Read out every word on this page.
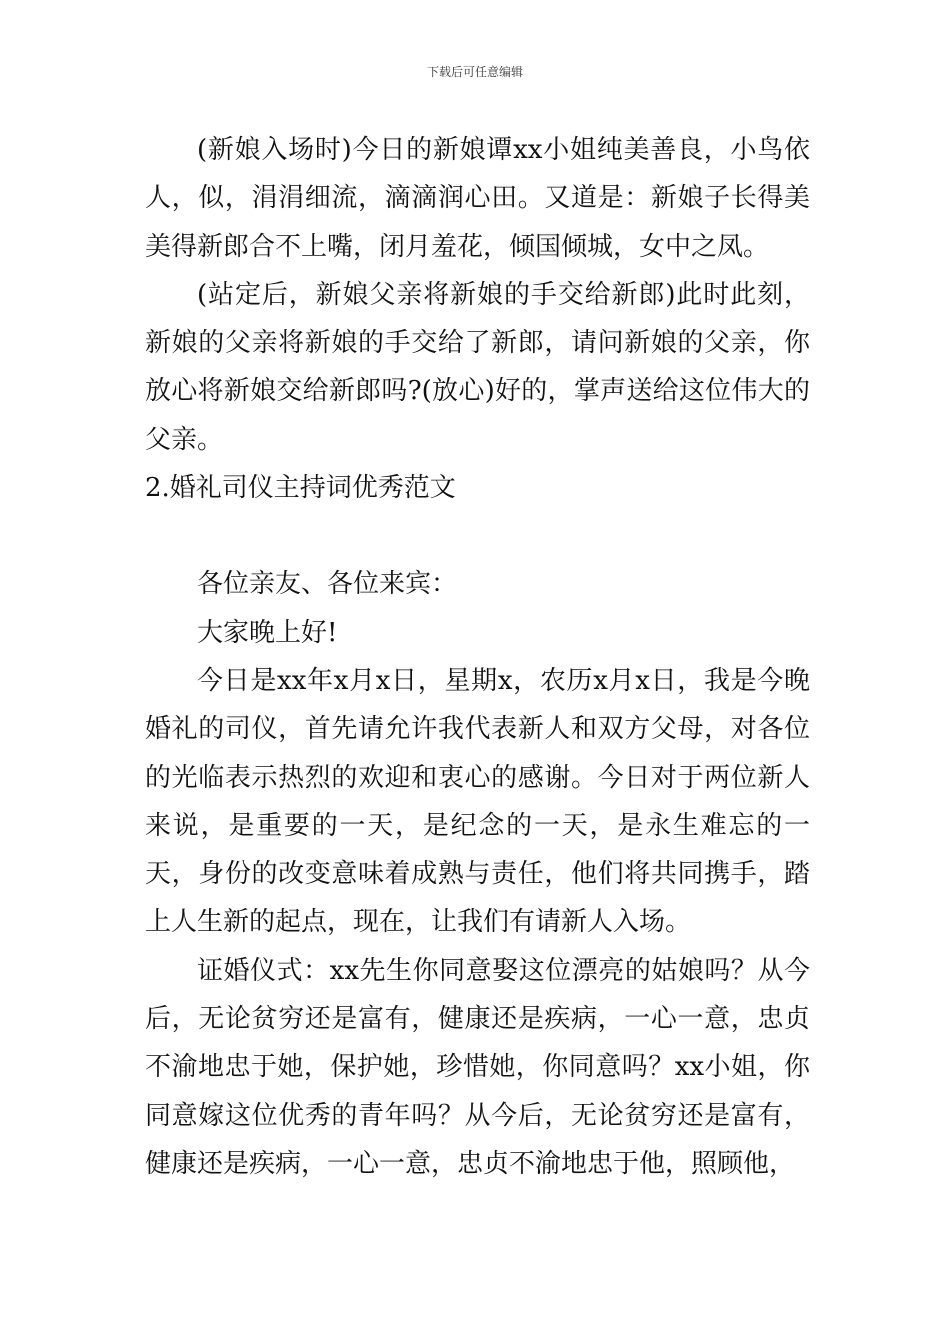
下载后可任意编辑

(新娘入场时)今日的新娘谭xx小姐纯美善良，小鸟依人，似，涓涓细流，滴滴润心田。又道是：新娘子长得美美得新郎合不上嘴，闭月羞花，倾国倾城，女中之凤。

(站定后，新娘父亲将新娘的手交给新郎)此时此刻，新娘的父亲将新娘的手交给了新郎，请问新娘的父亲，你放心将新娘交给新郎吗?(放心)好的，掌声送给这位伟大的父亲。

2.婚礼司仪主持词优秀范文

各位亲友、各位来宾：

大家晚上好!

今日是xx年x月x日，星期x，农历x月x日，我是今晚婚礼的司仪，首先请允许我代表新人和双方父母，对各位的光临表示热烈的欢迎和衷心的感谢。今日对于两位新人来说，是重要的一天，是纪念的一天，是永生难忘的一天，身份的改变意味着成熟与责任，他们将共同携手，踏上人生新的起点，现在，让我们有请新人入场。

证婚仪式：xx先生你同意娶这位漂亮的姑娘吗？从今后，无论贫穷还是富有，健康还是疾病，一心一意，忠贞不渝地忠于她，保护她，珍惜她，你同意吗？xx小姐，你同意嫁这位优秀的青年吗？从今后，无论贫穷还是富有，健康还是疾病，一心一意，忠贞不渝地忠于他，照顾他，
